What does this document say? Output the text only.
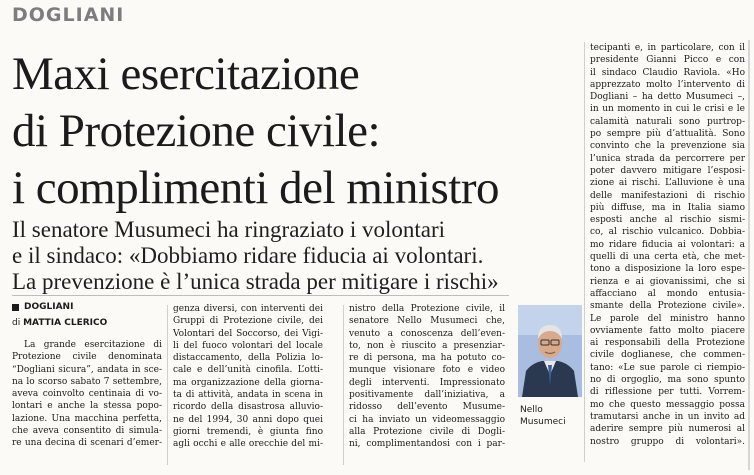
DOGLIANI
Maxi esercitazione
di Protezione civile:
i complimenti del ministro
Il senatore Musumeci ha ringraziato i volontari
e il sindaco: «Dobbiamo ridare fiducia ai volontari.
La prevenzione è l’unica strada per mitigare i rischi»
DOGLIANI
di MATTIA CLERICO
La grande esercitazione di
Protezione civile denominata
“Dogliani sicura”, andata in sce-
na lo scorso sabato 7 settembre,
aveva coinvolto centinaia di vo-
lontari e anche la stessa popo-
lazione. Una macchina perfetta,
che aveva consentito di simula-
re una decina di scenari d’emer-
genza diversi, con interventi dei
Gruppi di Protezione civile, dei
Volontari del Soccorso, dei Vigi-
li del fuoco volontari del locale
distaccamento, della Polizia lo-
cale e dell’unità cinofila. L’otti-
ma organizzazione della giorna-
ta di attività, andata in scena in
ricordo della disastrosa alluvio-
ne del 1994, 30 anni dopo quei
giorni tremendi, è giunta fino
agli occhi e alle orecchie del mi-
nistro della Protezione civile, il
senatore Nello Musumeci che,
venuto a conoscenza dell’even-
to, non è riuscito a presenziar-
re di persona, ma ha potuto co-
munque visionare foto e video
degli interventi. Impressionato
positivamente dall’iniziativa, a
ridosso dell’evento Musume-
ci ha inviato un videomessaggio
alla Protezione civile di Dogli-
ni, complimentandosi con i par-
tecipanti e, in particolare, con il
presidente Gianni Picco e con
il sindaco Claudio Raviola. «Ho
apprezzato molto l’intervento di
Dogliani – ha detto Musumeci –,
in un momento in cui le crisi e le
calamità naturali sono purtrop-
po sempre più d’attualità. Sono
convinto che la prevenzione sia
l’unica strada da percorrere per
poter davvero mitigare l’esposi-
zione ai rischi. L’alluvione è una
delle manifestazioni di rischio
più diffuse, ma in Italia siamo
esposti anche al rischio sismi-
co, al rischio vulcanico. Dobbia-
mo ridare fiducia ai volontari: a
quelli di una certa età, che met-
tono a disposizione la loro espe-
rienza e ai giovanissimi, che si
affacciano al mondo entusia-
smante della Protezione civile».
Le parole del ministro hanno
ovviamente fatto molto piacere
ai responsabili della Protezione
civile doglianese, che commen-
tano: «Le sue parole ci riempio-
no di orgoglio, ma sono spunto
di riflessione per tutti. Vorrem-
mo che questo messaggio possa
tramutarsi anche in un invito ad
aderire sempre più numerosi al
nostro gruppo di volontari».
Nello
Musumeci
